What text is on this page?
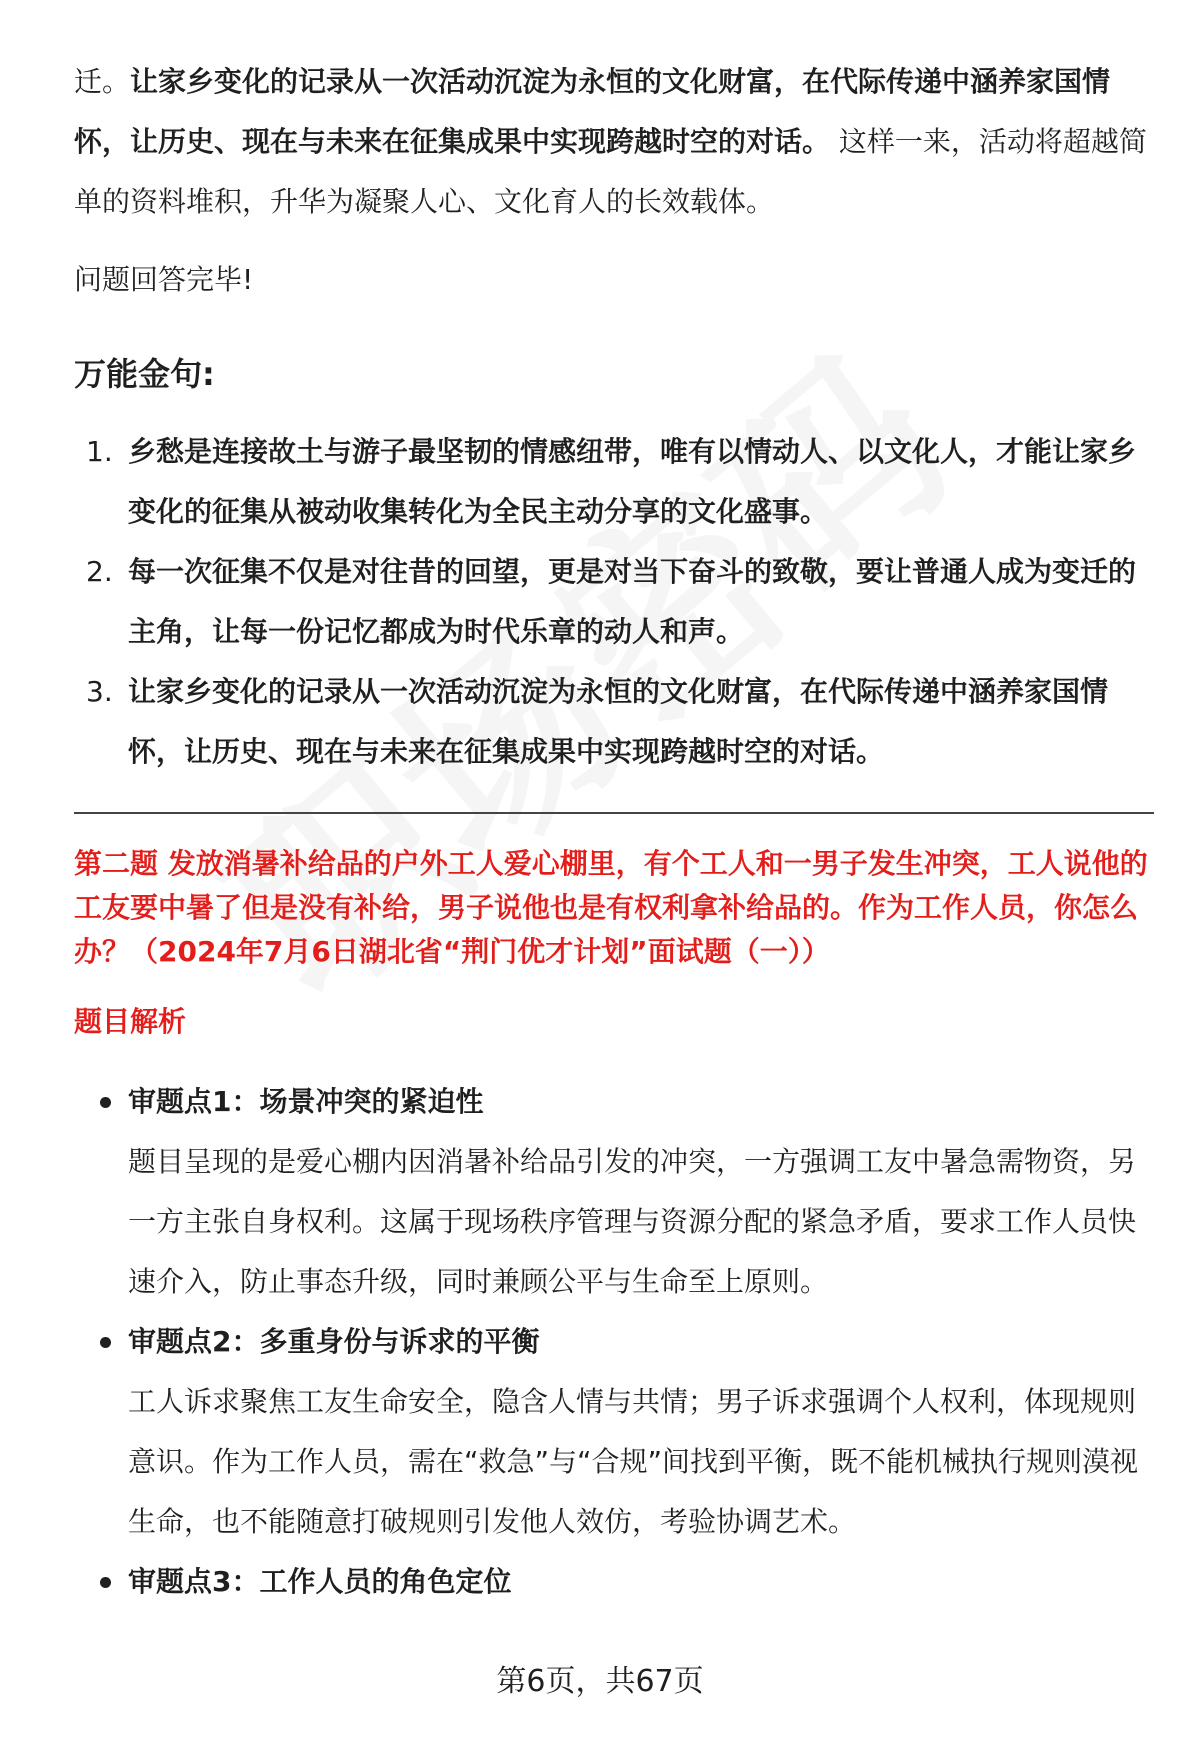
迁。让家乡变化的记录从一次活动沉淀为永恒的文化财富，在代际传递中涵养家国情怀，让历史、现在与未来在征集成果中实现跨越时空的对话。 这样一来，活动将超越简单的资料堆积，升华为凝聚人心、文化育人的长效载体。

问题回答完毕!

万能金句:
1. 乡愁是连接故土与游子最坚韧的情感纽带，唯有以情动人、以文化人，才能让家乡变化的征集从被动收集转化为全民主动分享的文化盛事。
2. 每一次征集不仅是对往昔的回望，更是对当下奋斗的致敬，要让普通人成为变迁的主角，让每一份记忆都成为时代乐章的动人和声。
3. 让家乡变化的记录从一次活动沉淀为永恒的文化财富，在代际传递中涵养家国情怀，让历史、现在与未来在征集成果中实现跨越时空的对话。

第二题 发放消暑补给品的户外工人爱心棚里，有个工人和一男子发生冲突，工人说他的工友要中暑了但是没有补给，男子说他也是有权利拿补给品的。作为工作人员，你怎么办？（2024年7月6日湖北省“荆门优才计划”面试题（一））

题目解析

审题点1：场景冲突的紧迫性
题目呈现的是爱心棚内因消暑补给品引发的冲突，一方强调工友中暑急需物资，另一方主张自身权利。这属于现场秩序管理与资源分配的紧急矛盾，要求工作人员快速介入，防止事态升级，同时兼顾公平与生命至上原则。
审题点2：多重身份与诉求的平衡
工人诉求聚焦工友生命安全，隐含人情与共情；男子诉求强调个人权利，体现规则意识。作为工作人员，需在“救急”与“合规”间找到平衡，既不能机械执行规则漠视生命，也不能随意打破规则引发他人效仿，考验协调艺术。
审题点3：工作人员的角色定位
第6页，共67页
